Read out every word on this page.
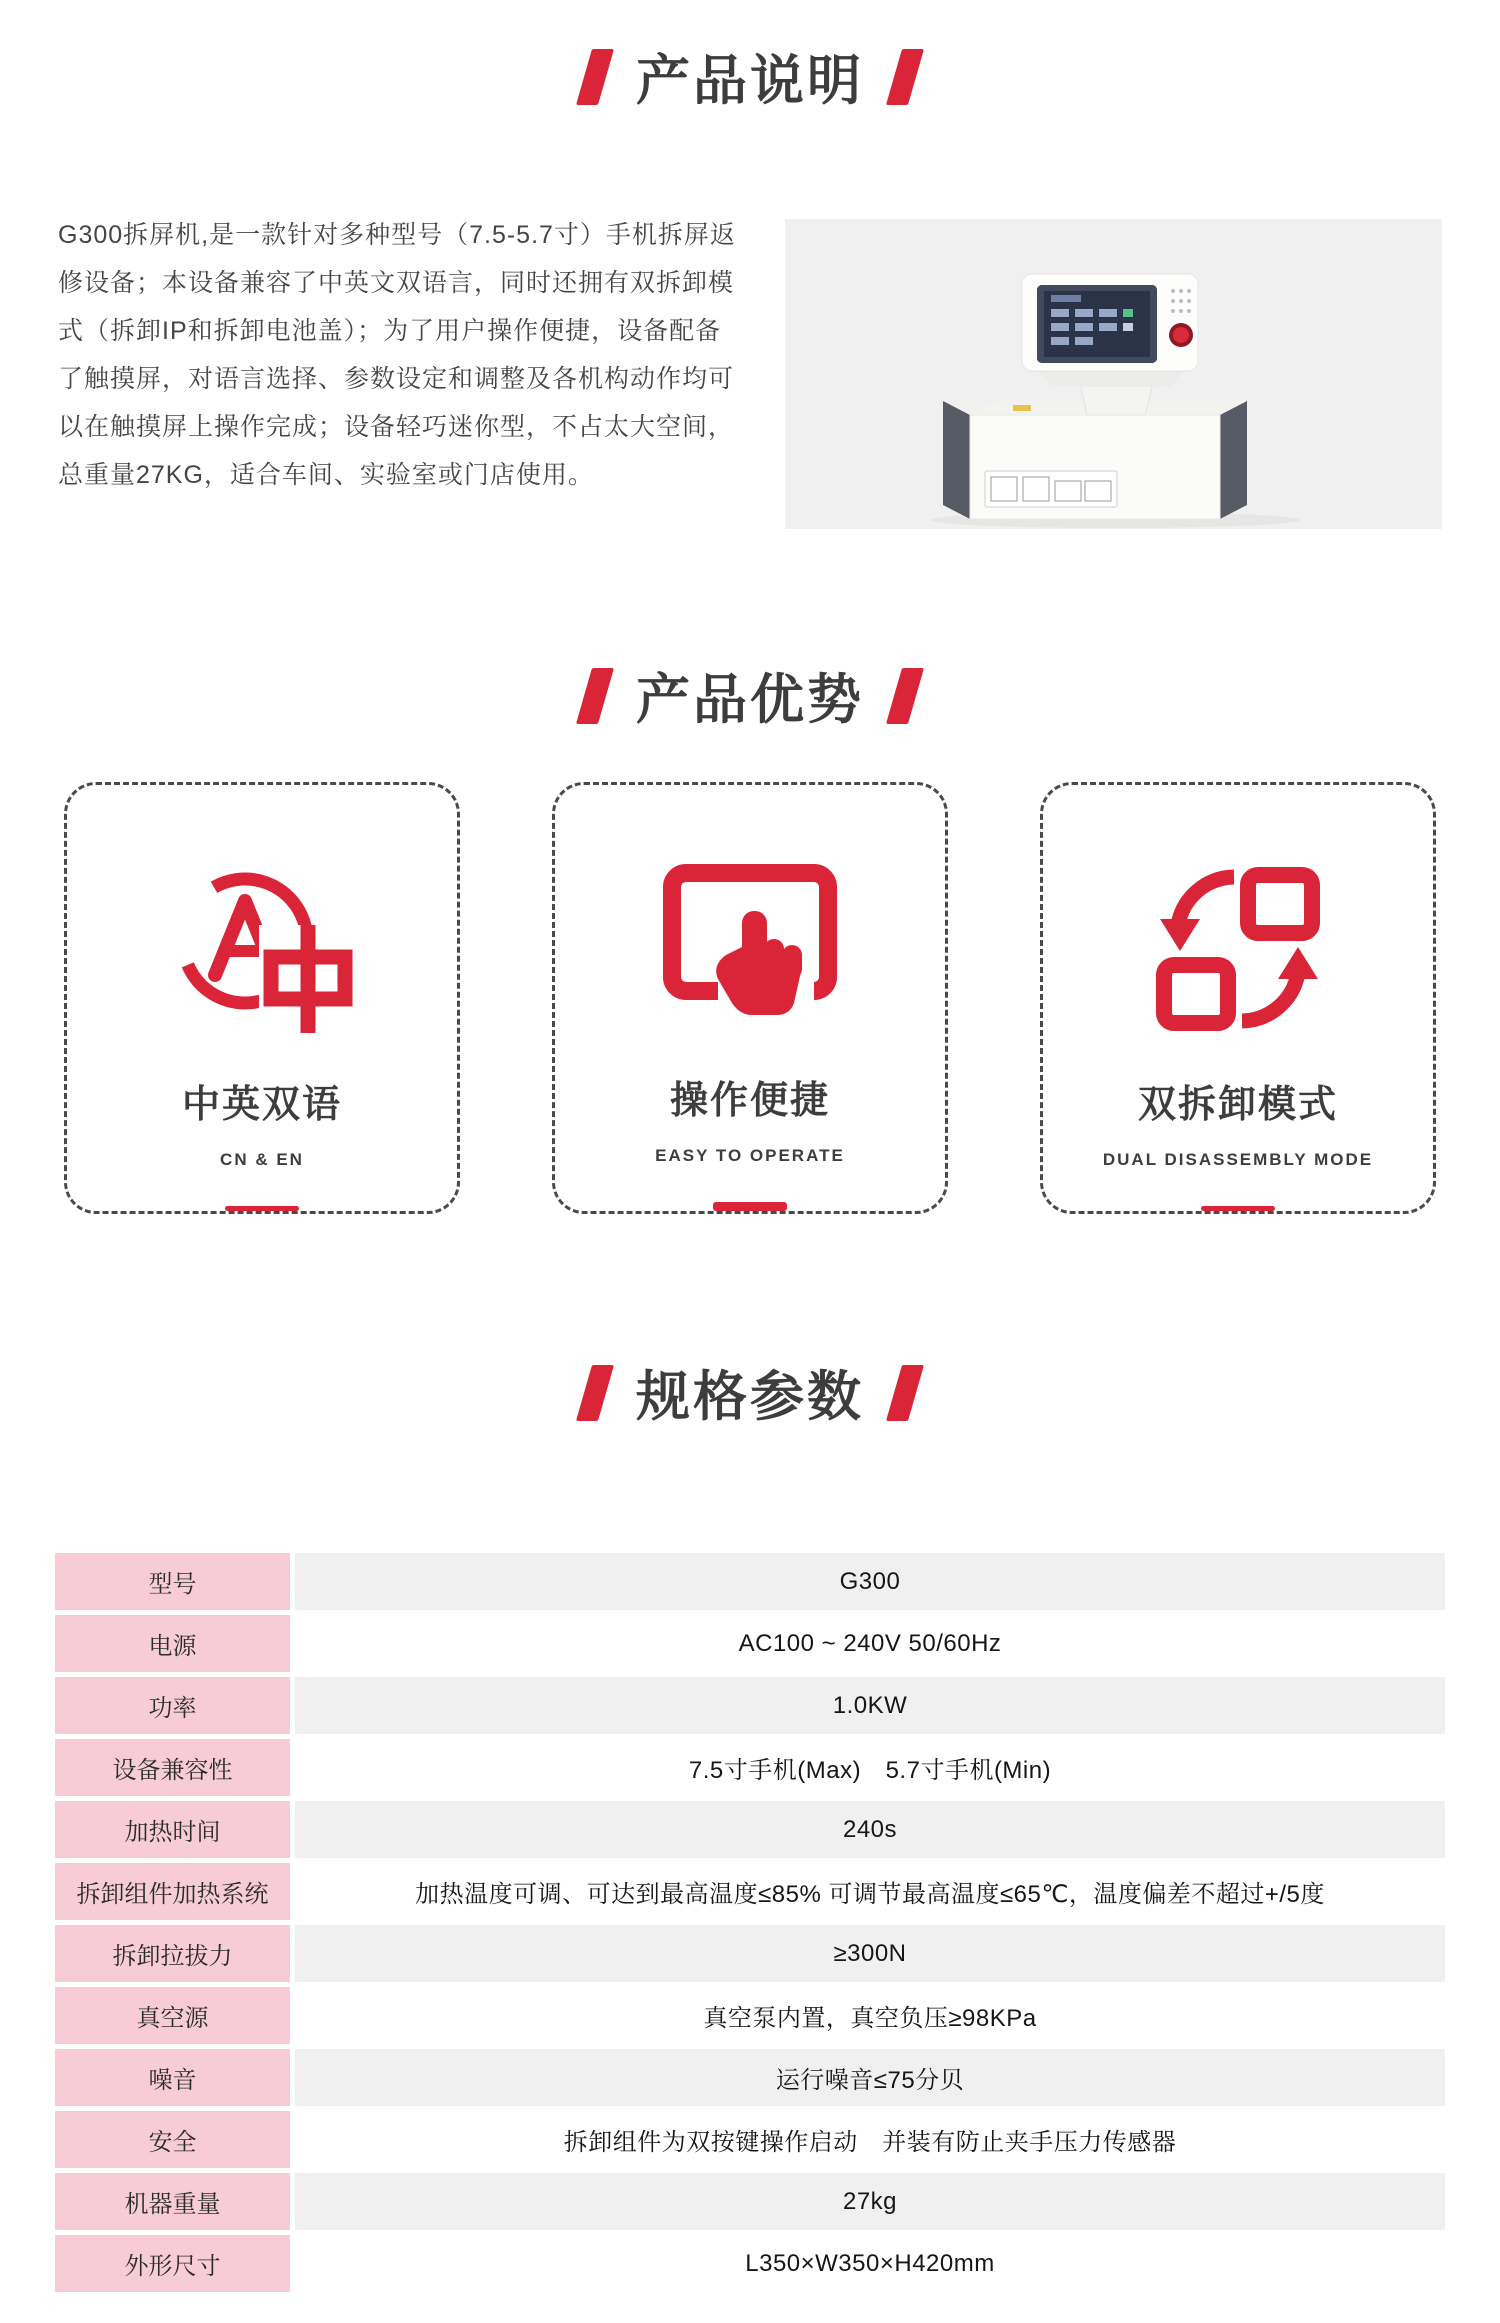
产品说明

G300拆屏机,是一款针对多种型号（7.5-5.7寸）手机拆屏返修设备；本设备兼容了中英文双语言，同时还拥有双拆卸模式（拆卸IP和拆卸电池盖）；为了用户操作便捷，设备配备了触摸屏，对语言选择、参数设定和调整及各机构动作均可以在触摸屏上操作完成；设备轻巧迷你型，不占太大空间，总重量27KG，适合车间、实验室或门店使用。

产品优势
中英双语
CN & EN
操作便捷
EASY TO OPERATE
双拆卸模式
DUAL DISASSEMBLY MODE
规格参数
型号	G300
电源	AC100 ~ 240V 50/60Hz
功率	1.0KW
设备兼容性	7.5寸手机(Max)　5.7寸手机(Min)
加热时间	240s
拆卸组件加热系统	加热温度可调、可达到最高温度≤85% 可调节最高温度≤65℃，温度偏差不超过+/5度
拆卸拉拔力	≥300N
真空源	真空泵内置，真空负压≥98KPa
噪音	运行噪音≤75分贝
安全	拆卸组件为双按键操作启动　并装有防止夹手压力传感器
机器重量	27kg
外形尺寸	L350×W350×H420mm
